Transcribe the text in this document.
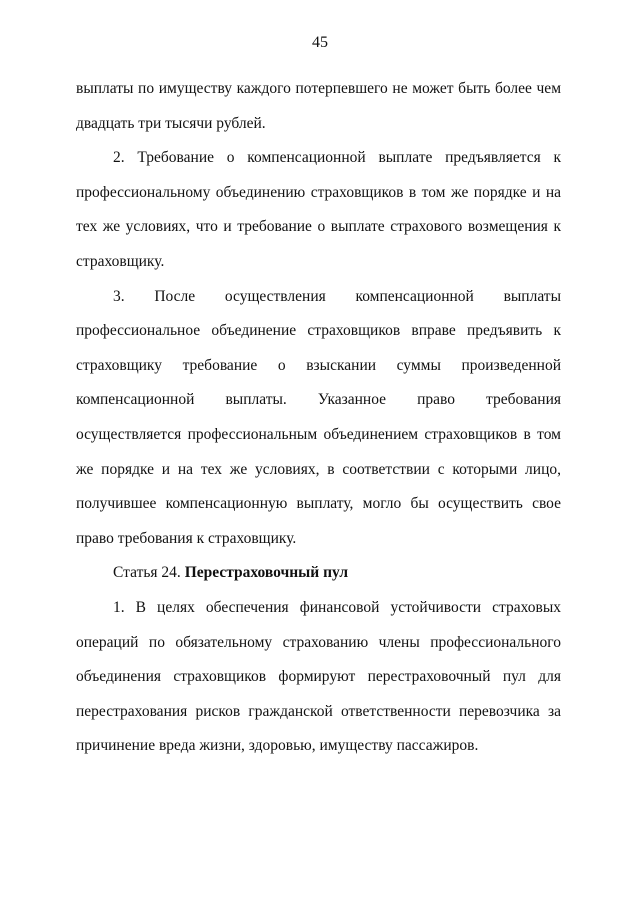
45

выплаты по имуществу каждого потерпевшего не может быть более чем двадцать три тысячи рублей.

2. Требование о компенсационной выплате предъявляется к профессиональному объединению страховщиков в том же порядке и на тех же условиях, что и требование о выплате страхового возмещения к страховщику.

3. После осуществления компенсационной выплаты профессиональное объединение страховщиков вправе предъявить к страховщику требование о взыскании суммы произведенной компенсационной выплаты. Указанное право требования осуществляется профессиональным объединением страховщиков в том же порядке и на тех же условиях, в соответствии с которыми лицо, получившее компенсационную выплату, могло бы осуществить свое право требования к страховщику.

Статья 24. Перестраховочный пул

1. В целях обеспечения финансовой устойчивости страховых операций по обязательному страхованию члены профессионального объединения страховщиков формируют перестраховочный пул для перестрахования рисков гражданской ответственности перевозчика за причинение вреда жизни, здоровью, имуществу пассажиров.
